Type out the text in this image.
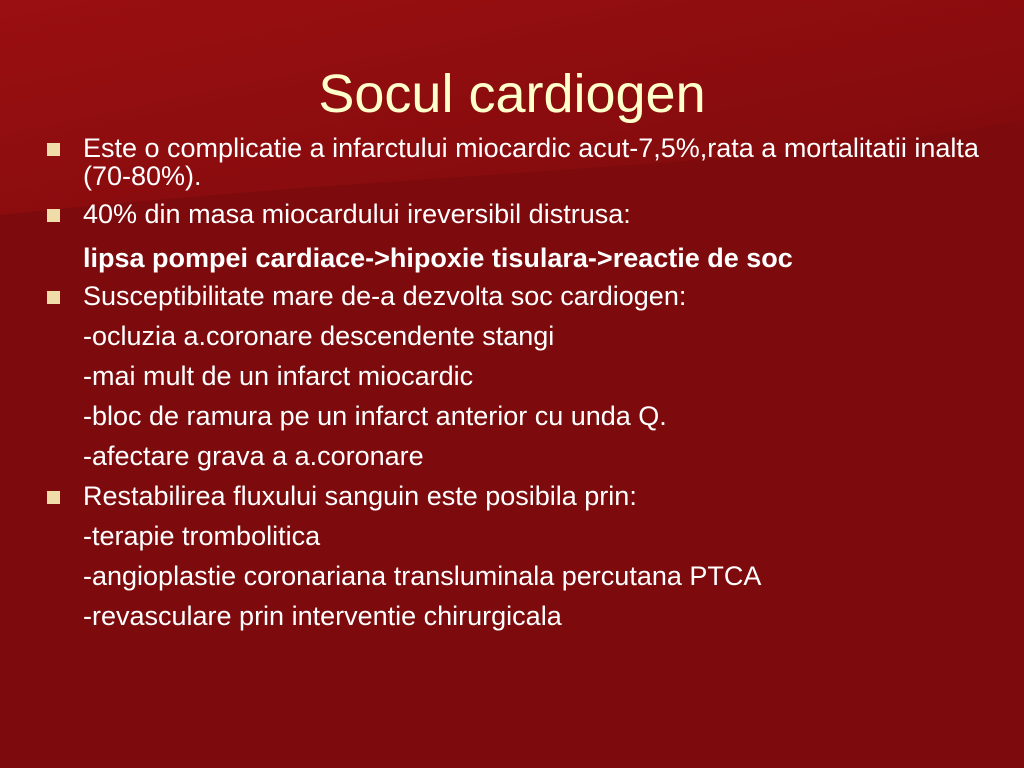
Socul cardiogen

Este o complicatie a infarctului miocardic acut-7,5%,rata a mortalitatii inalta (70-80%).

40% din masa miocardului ireversibil distrusa:

lipsa pompei cardiace->hipoxie tisulara->reactie de soc

Susceptibilitate mare de-a dezvolta soc cardiogen:

-ocluzia a.coronare descendente stangi

-mai mult de un infarct miocardic

-bloc de ramura pe un infarct anterior cu unda Q.

-afectare grava a a.coronare

Restabilirea fluxului sanguin este posibila prin:

-terapie trombolitica

-angioplastie coronariana transluminala percutana PTCA

-revasculare prin interventie chirurgicala
